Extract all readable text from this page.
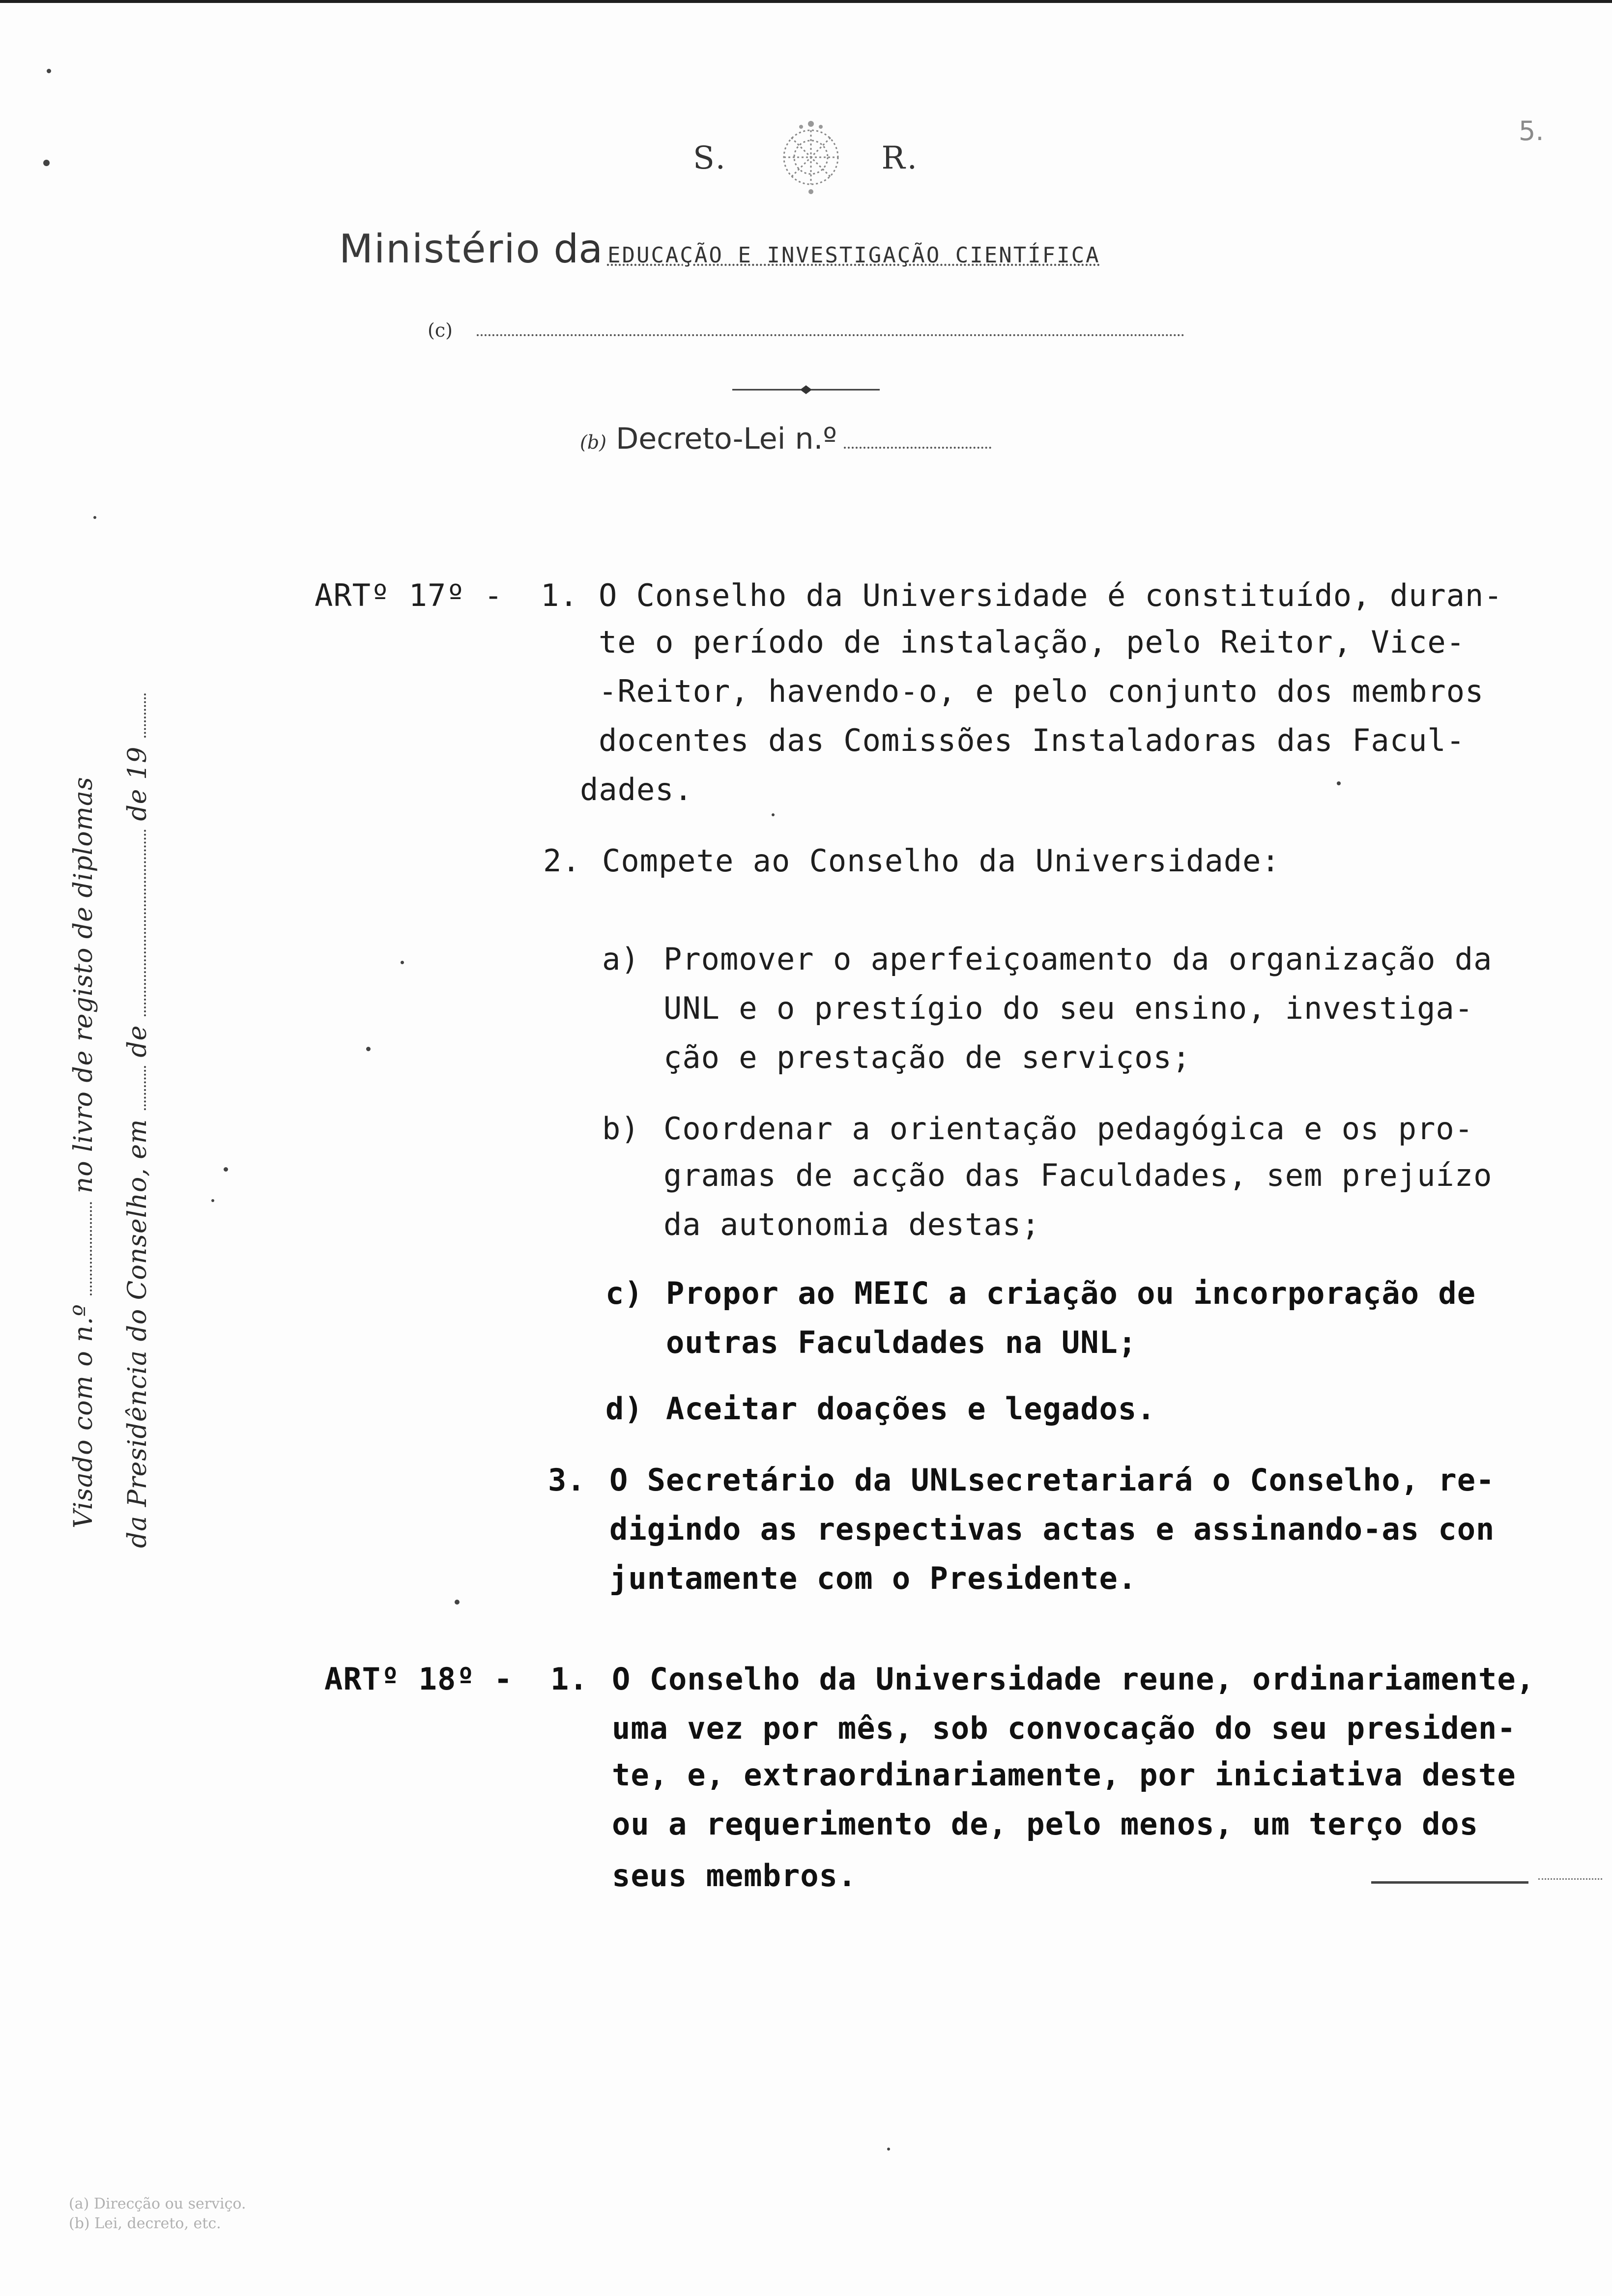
S.	R.
5.
Ministério da EDUCAÇÃO E INVESTIGAÇÃO CIENTÍFICA
(c)
(b) Decreto-Lei n.º
Visado com o n.º  no livro de registo de diplomas
da Presidência do Conselho, em  de  de 19
ARTº 17º - 1. O Conselho da Universidade é constituído, duran-
te o período de instalação, pelo Reitor, Vice-
-Reitor, havendo-o, e pelo conjunto dos membros
docentes das Comissões Instaladoras das Facul-
dades.
2. Compete ao Conselho da Universidade:
a) Promover o aperfeiçoamento da organização da
UNL e o prestígio do seu ensino, investiga-
ção e prestação de serviços;
b) Coordenar a orientação pedagógica e os pro-
gramas de acção das Faculdades, sem prejuízo
da autonomia destas;
c) Propor ao MEIC a criação ou incorporação de
outras Faculdades na UNL;
d) Aceitar doações e legados.
3. O Secretário da UNLsecretariará o Conselho, re-
digindo as respectivas actas e assinando-as con
juntamente com o Presidente.
ARTº 18º - 1. O Conselho da Universidade reune, ordinariamente,
uma vez por mês, sob convocação do seu presiden-
te, e, extraordinariamente, por iniciativa deste
ou a requerimento de, pelo menos, um terço dos
seus membros.
(a) Direcção ou serviço.
(b) Lei, decreto, etc.
